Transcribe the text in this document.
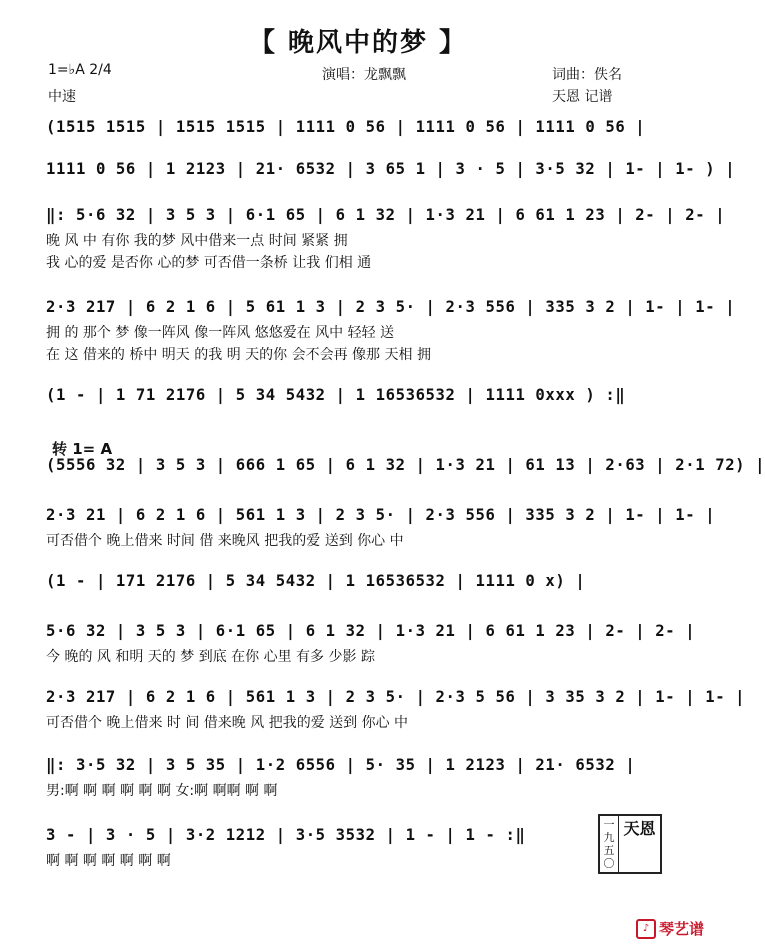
【 晚风中的梦 】
1=♭A 2/4
中速
演唱：龙飘飘	词曲：佚名
天恩 记谱
转 1= A
(1515 1515 | 1515 1515 | 1111 0 56 | 1111 0 56 | 1111 0 56 |
1111 0 56 | 1 2123 | 21· 6532 | 3 65 1 | 3 · 5 | 3·5 32 | 1- | 1- ) |
‖: 5·6 32 | 3 5 3 | 6·1 65 | 6 1 32 | 1·3 21 | 6 61 1 23 | 2- | 2- |
晚 风 中 有你 我的梦 风中借来一点 时间 紧紧 拥
我 心的爱 是否你 心的梦 可否借一条桥 让我 们相 通
2·3 217 | 6 2 1 6 | 5 61 1 3 | 2 3 5· | 2·3 556 | 335 3 2 | 1- | 1- |
拥 的 那个 梦 像一阵风 像一阵风 悠悠爱在 风中 轻轻 送
在 这 借来的 桥中 明天 的我 明 天的你 会不会再 像那 天相 拥
(1 - | 1 71 2176 | 5 34 5432 | 1 16536532 | 1111 0xxx ) :‖
(5556 32 | 3 5 3 | 666 1 65 | 6 1 32 | 1·3 21 | 61 13 | 2·63 | 2·1 72) |
2·3 21 | 6 2 1 6 | 561 1 3 | 2 3 5· | 2·3 556 | 335 3 2 | 1- | 1- |
可否借个 晚上借来 时间 借 来晚风 把我的爱 送到 你心 中
(1 - | 171 2176 | 5 34 5432 | 1 16536532 | 1111 0 x) |
5·6 32 | 3 5 3 | 6·1 65 | 6 1 32 | 1·3 21 | 6 61 1 23 | 2- | 2- |
今 晚的 风 和明 天的 梦 到底 在你 心里 有多 少影 踪
2·3 217 | 6 2 1 6 | 561 1 3 | 2 3 5· | 2·3 5 56 | 3 35 3 2 | 1- | 1- |
可否借个 晚上借来 时 间 借来晚 风 把我的爱 送到 你心 中
‖: 3·5 32 | 3 5 35 | 1·2 6556 | 5· 35 | 1 2123 | 21· 6532 |
男:啊 啊 啊 啊 啊 啊 女:啊 啊啊 啊 啊
3 - | 3 · 5 | 3·2 1212 | 3·5 3532 | 1 - | 1 - :‖
啊 啊 啊 啊 啊 啊 啊
一九五〇
天恩
♪ 琴艺谱
